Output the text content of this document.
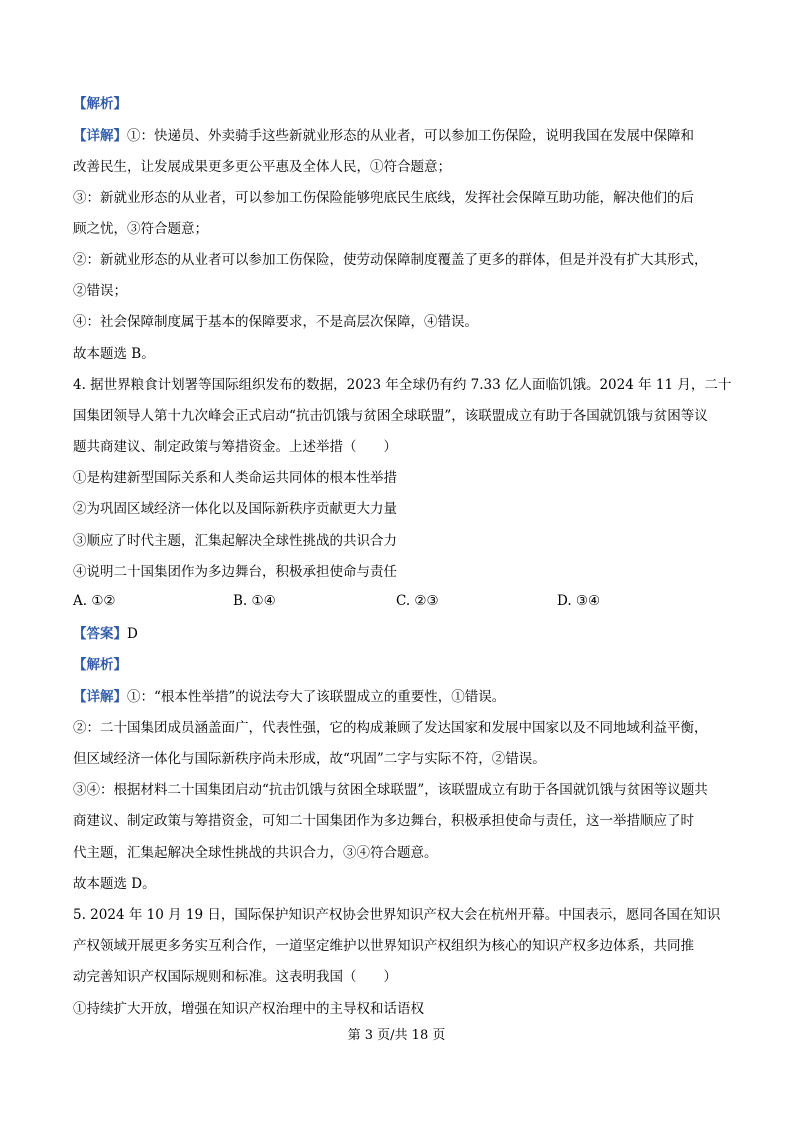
【解析】
【详解】①：快递员、外卖骑手这些新就业形态的从业者，可以参加工伤保险，说明我国在发展中保障和
改善民生，让发展成果更多更公平惠及全体人民，①符合题意；
③：新就业形态的从业者，可以参加工伤保险能够兜底民生底线，发挥社会保障互助功能，解决他们的后
顾之忧，③符合题意；
②：新就业形态的从业者可以参加工伤保险，使劳动保障制度覆盖了更多的群体，但是并没有扩大其形式，
②错误；
④：社会保障制度属于基本的保障要求，不是高层次保障，④错误。
故本题选 B。
4. 据世界粮食计划署等国际组织发布的数据，2023 年全球仍有约 7.33 亿人面临饥饿。2024 年 11 月，二十
国集团领导人第十九次峰会正式启动“抗击饥饿与贫困全球联盟”，该联盟成立有助于各国就饥饿与贫困等议
题共商建议、制定政策与筹措资金。上述举措（　　）
①是构建新型国际关系和人类命运共同体的根本性举措
②为巩固区域经济一体化以及国际新秩序贡献更大力量
③顺应了时代主题，汇集起解决全球性挑战的共识合力
④说明二十国集团作为多边舞台，积极承担使命与责任
A. ①②	B. ①④	C. ②③	D. ③④
【答案】D
【解析】
【详解】①：“根本性举措”的说法夸大了该联盟成立的重要性，①错误。
②：二十国集团成员涵盖面广，代表性强，它的构成兼顾了发达国家和发展中国家以及不同地域利益平衡，
但区域经济一体化与国际新秩序尚未形成，故“巩固”二字与实际不符，②错误。
③④：根据材料二十国集团启动“抗击饥饿与贫困全球联盟”，该联盟成立有助于各国就饥饿与贫困等议题共
商建议、制定政策与筹措资金，可知二十国集团作为多边舞台，积极承担使命与责任，这一举措顺应了时
代主题，汇集起解决全球性挑战的共识合力，③④符合题意。
故本题选 D。
5. 2024 年 10 月 19 日，国际保护知识产权协会世界知识产权大会在杭州开幕。中国表示，愿同各国在知识
产权领域开展更多务实互利合作，一道坚定维护以世界知识产权组织为核心的知识产权多边体系，共同推
动完善知识产权国际规则和标准。这表明我国（　　）
①持续扩大开放，增强在知识产权治理中的主导权和话语权
第 3 页/共 18 页
